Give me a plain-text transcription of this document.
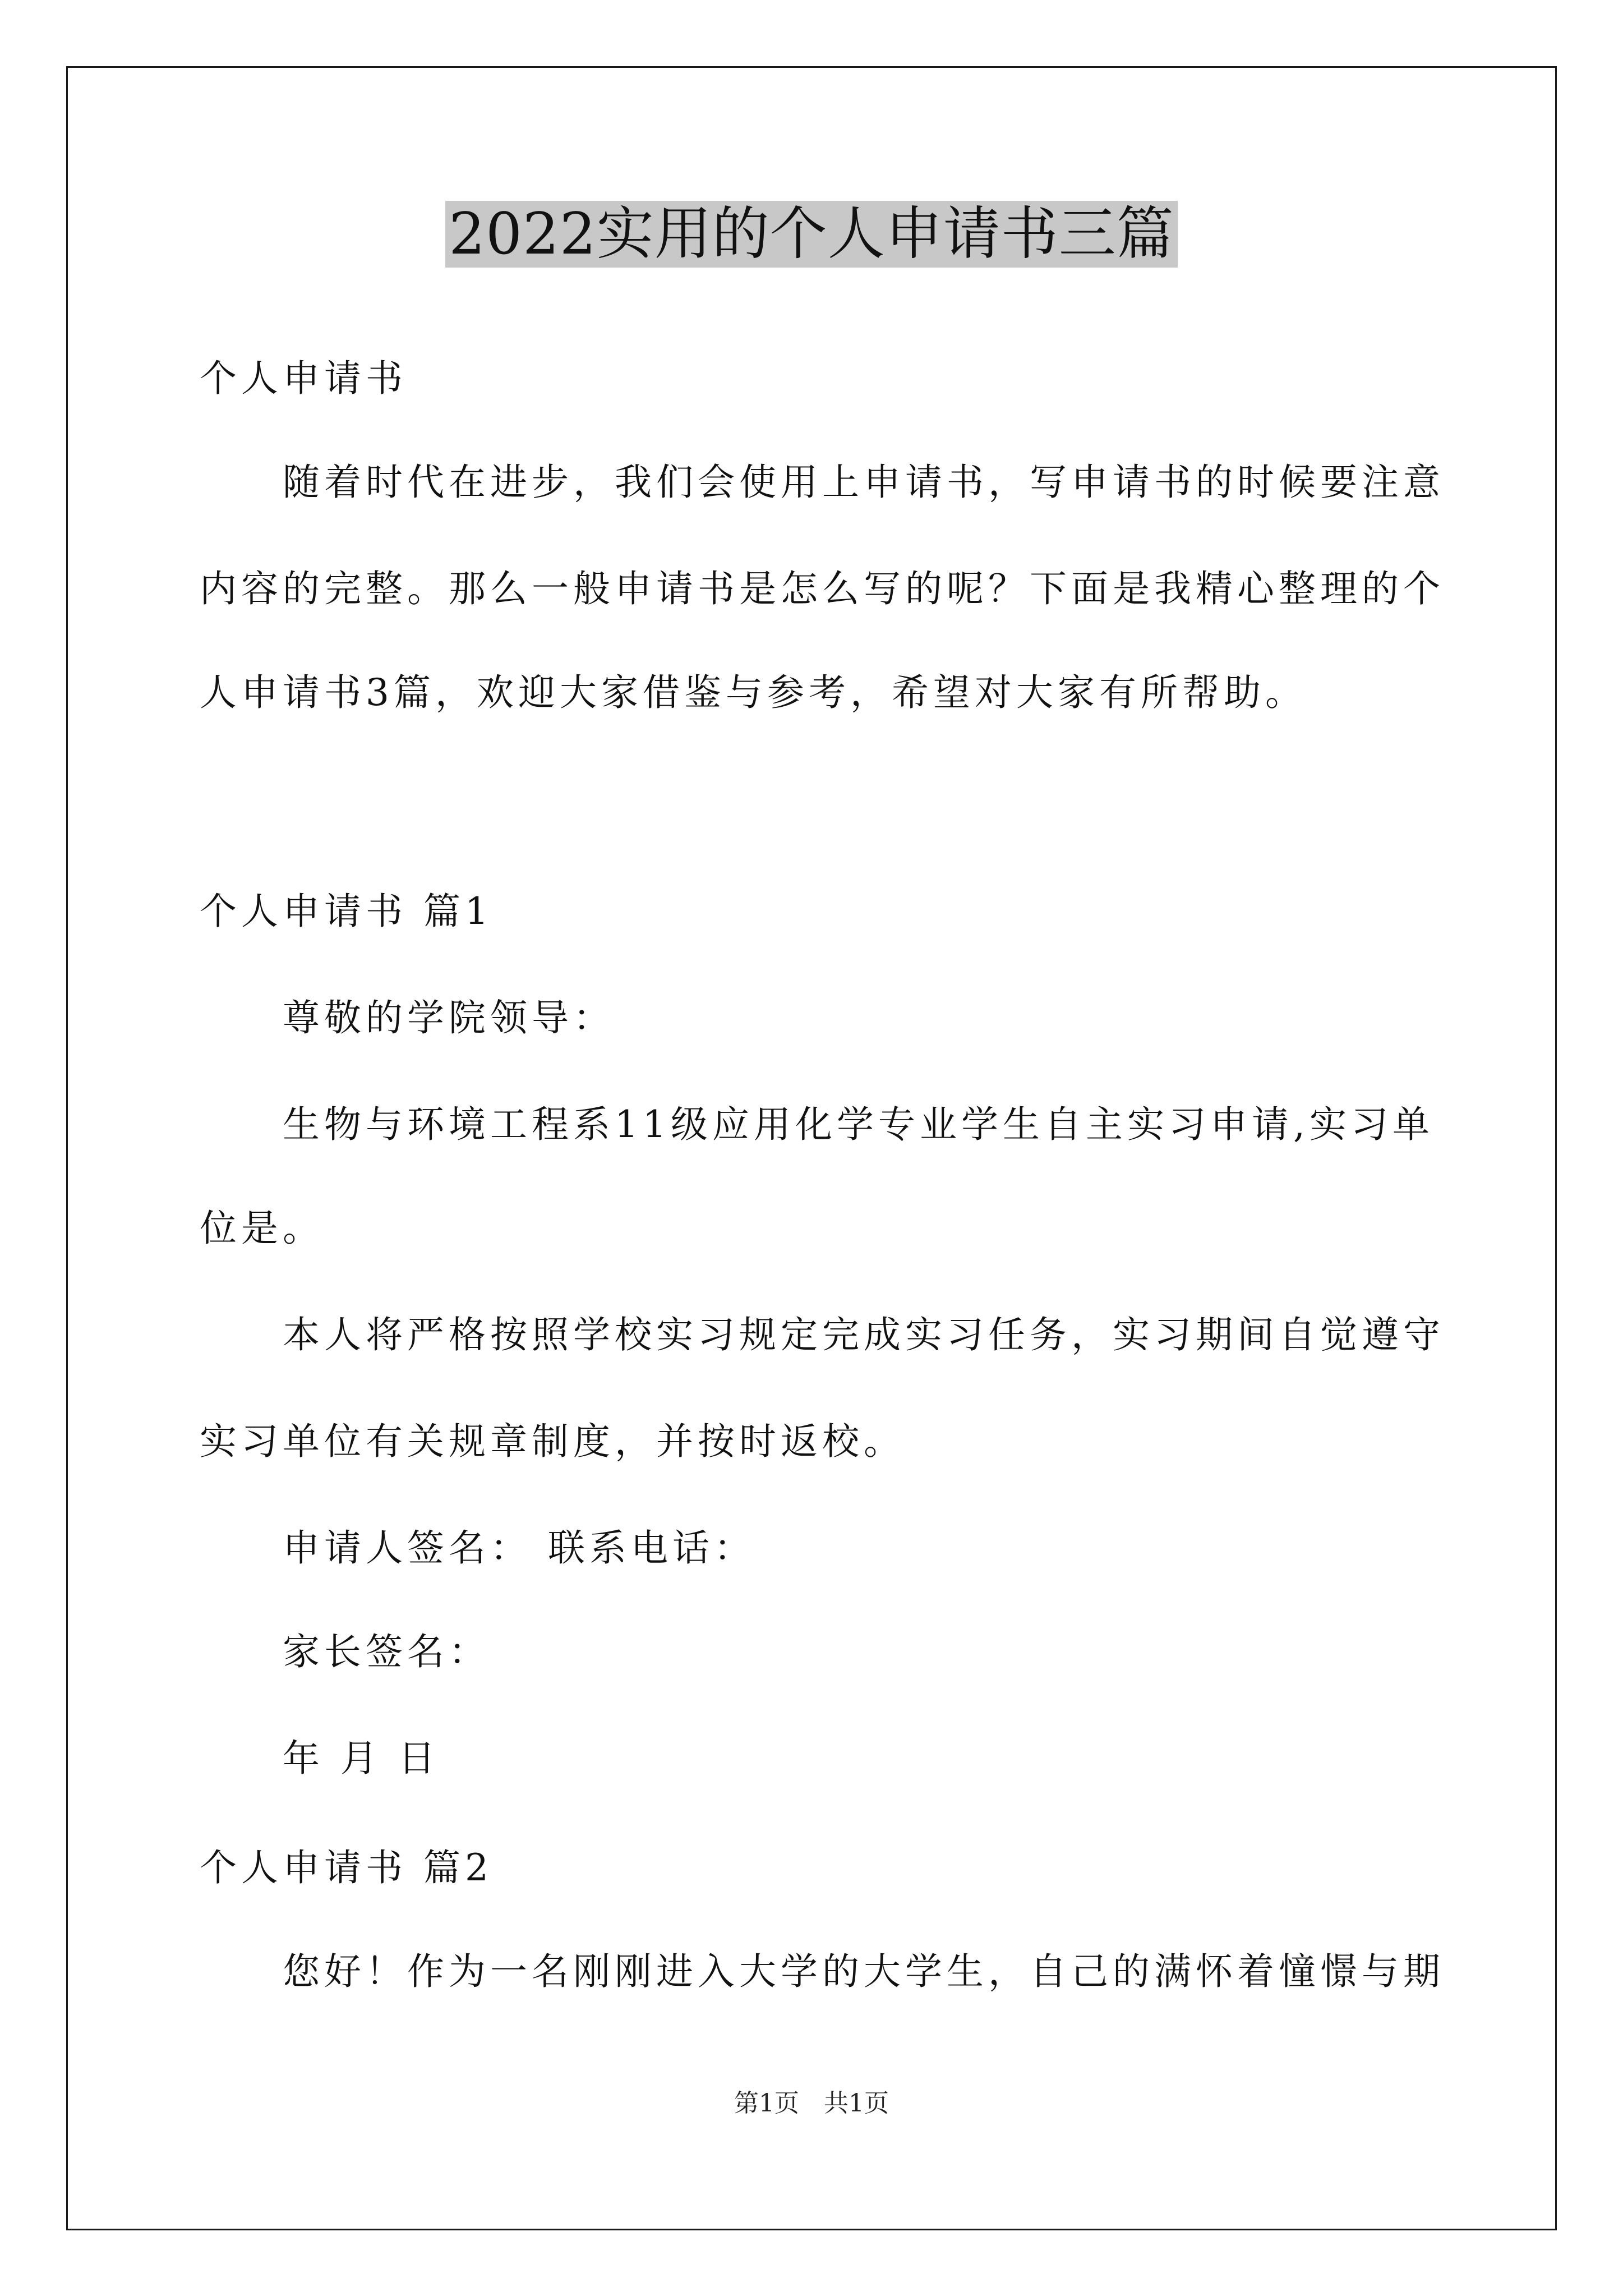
2022实用的个人申请书三篇
个人申请书
随着时代在进步，我们会使用上申请书，写申请书的时候要注意
内容的完整。那么一般申请书是怎么写的呢？下面是我精心整理的个
人申请书3篇，欢迎大家借鉴与参考，希望对大家有所帮助。
个人申请书 篇1
尊敬的学院领导：
生物与环境工程系11级应用化学专业学生自主实习申请,实习单
位是。
本人将严格按照学校实习规定完成实习任务，实习期间自觉遵守
实习单位有关规章制度，并按时返校。
申请人签名： 联系电话：
家长签名：
年 月 日
个人申请书 篇2
您好！作为一名刚刚进入大学的大学生，自己的满怀着憧憬与期
第1页　共1页
